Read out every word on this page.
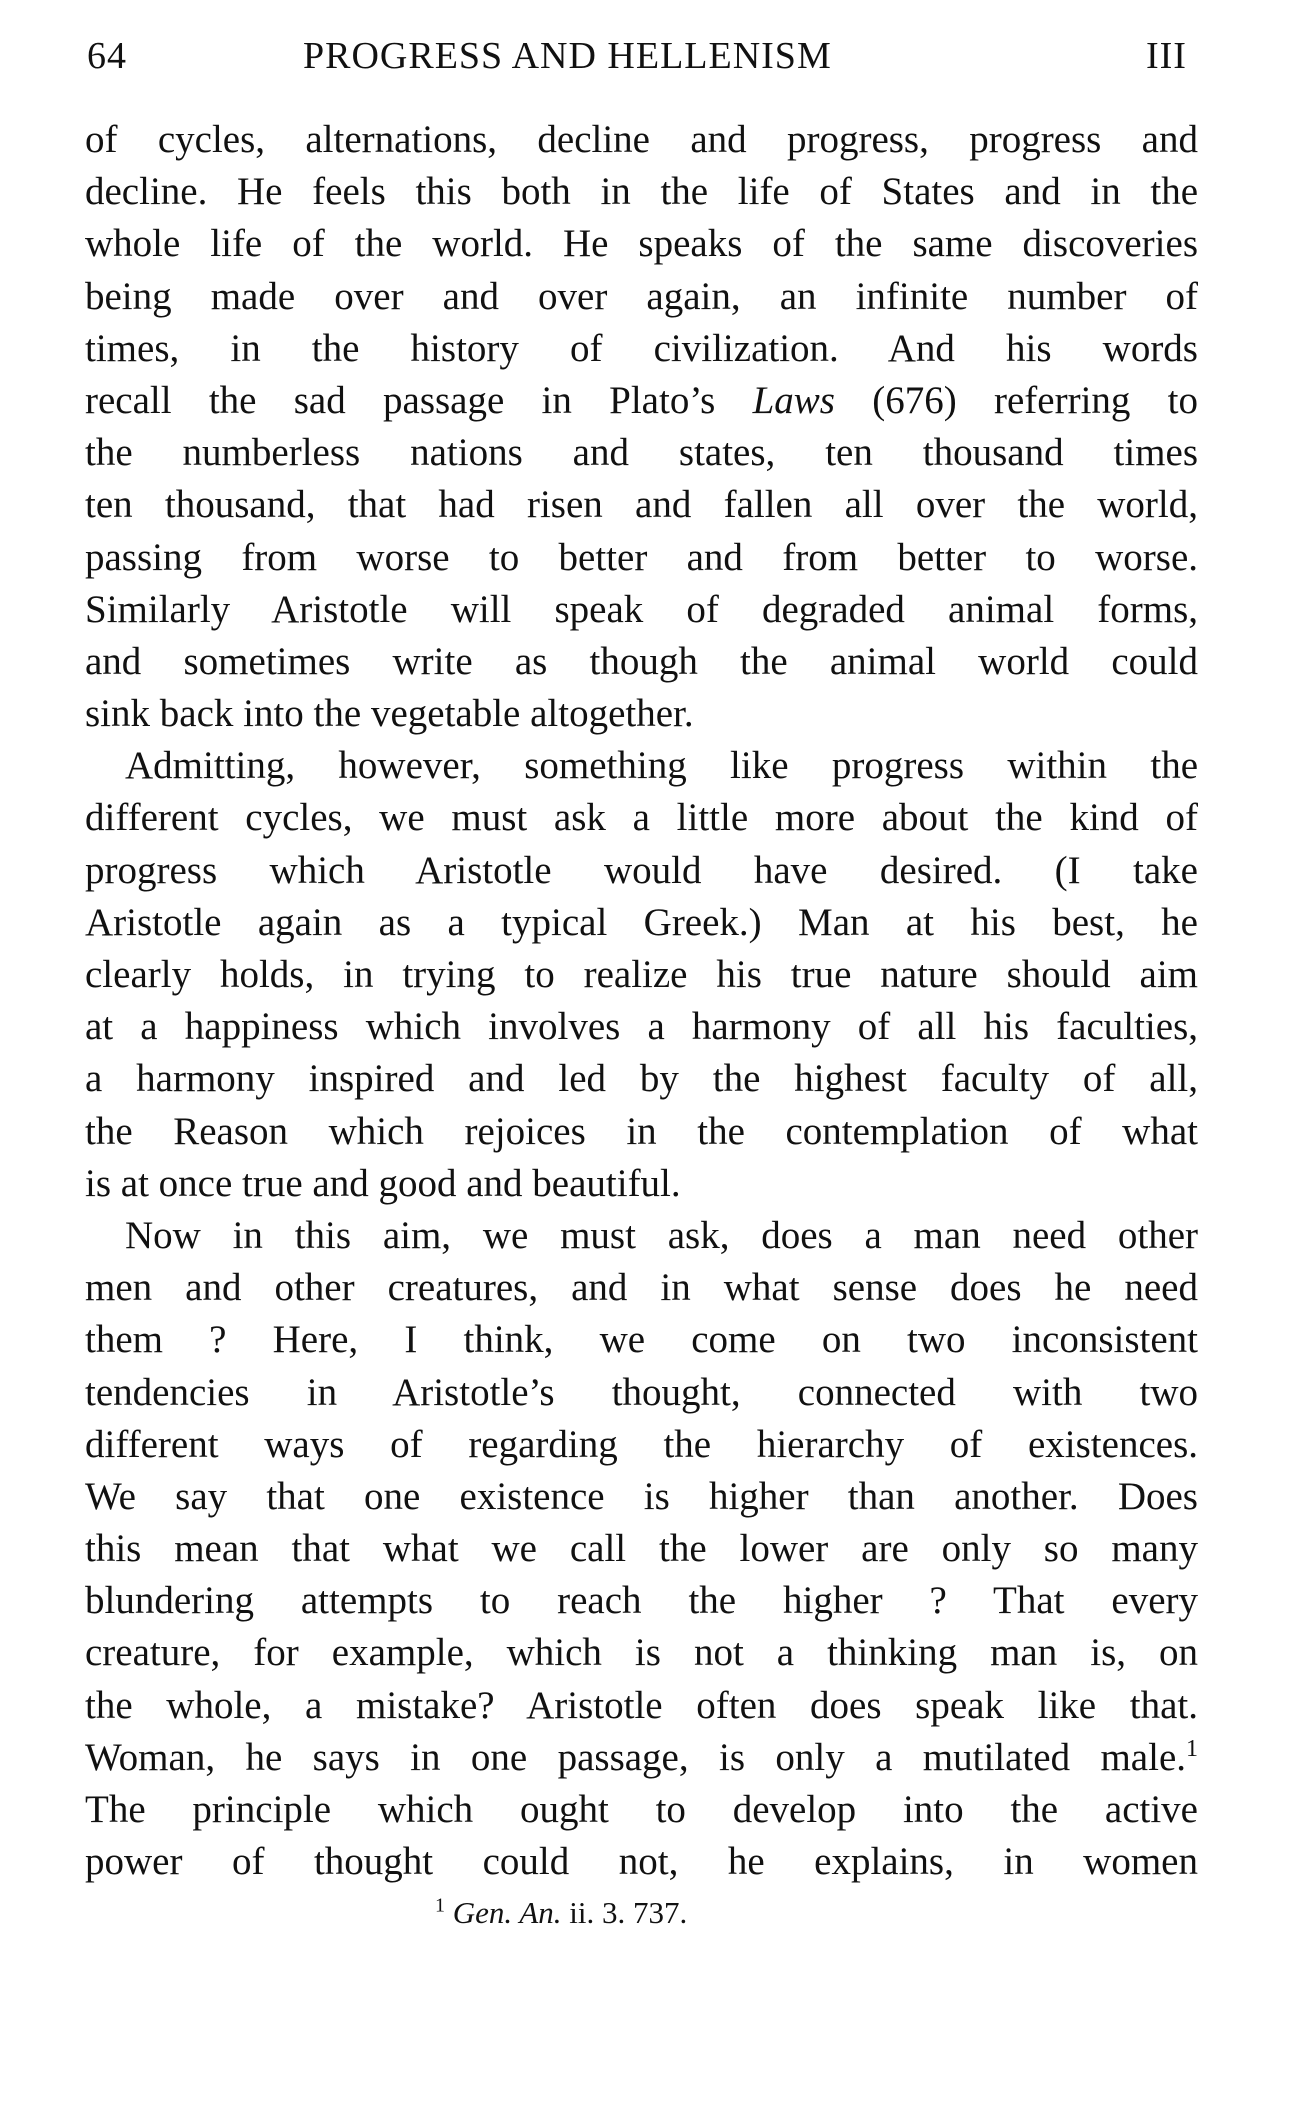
64	PROGRESS AND HELLENISM	III
of cycles, alternations, decline and progress, progress and
decline. He feels this both in the life of States and in the
whole life of the world. He speaks of the same discoveries
being made over and over again, an infinite number of
times, in the history of civilization. And his words
recall the sad passage in Plato’s Laws (676) referring to
the numberless nations and states, ten thousand times
ten thousand, that had risen and fallen all over the world,
passing from worse to better and from better to worse.
Similarly Aristotle will speak of degraded animal forms,
and sometimes write as though the animal world could
sink back into the vegetable altogether.
Admitting, however, something like progress within the
different cycles, we must ask a little more about the kind of
progress which Aristotle would have desired. (I take
Aristotle again as a typical Greek.) Man at his best, he
clearly holds, in trying to realize his true nature should aim
at a happiness which involves a harmony of all his faculties,
a harmony inspired and led by the highest faculty of all,
the Reason which rejoices in the contemplation of what
is at once true and good and beautiful.
Now in this aim, we must ask, does a man need other
men and other creatures, and in what sense does he need
them ? Here, I think, we come on two inconsistent
tendencies in Aristotle’s thought, connected with two
different ways of regarding the hierarchy of existences.
We say that one existence is higher than another. Does
this mean that what we call the lower are only so many
blundering attempts to reach the higher ? That every
creature, for example, which is not a thinking man is, on
the whole, a mistake? Aristotle often does speak like that.
Woman, he says in one passage, is only a mutilated male.$^1$
The principle which ought to develop into the active
power of thought could not, he explains, in women
$^1$ Gen. An. ii. 3. 737.
